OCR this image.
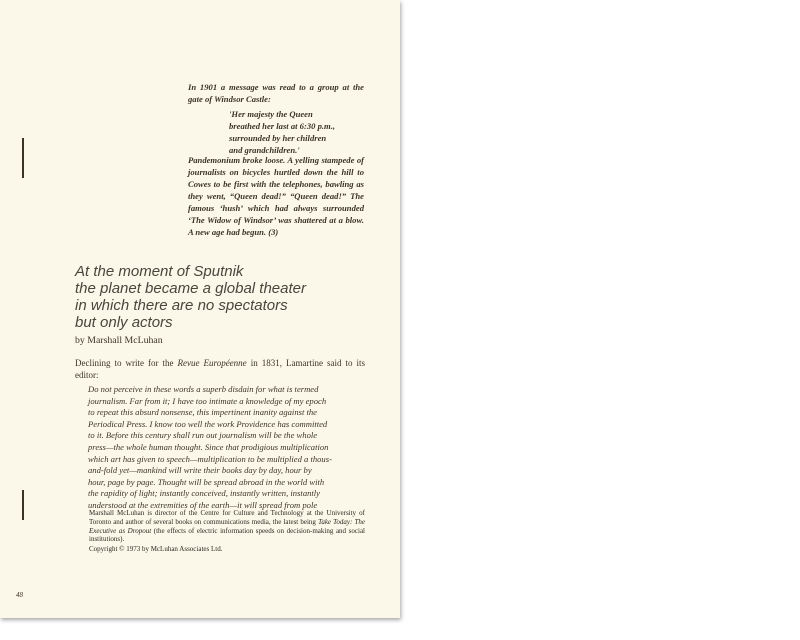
In 1901 a message was read to a group at the gate of Windsor Castle:
'Her majesty the Queen
breathed her last at 6:30 p.m.,
surrounded by her children
and grandchildren.'
Pandemonium broke loose. A yelling stampede of journalists on bicycles hurtled down the hill to Cowes to be first with the telephones, bawling as they went, “Queen dead!” “Queen dead!” The famous ‘hush’ which had always surrounded ‘The Widow of Windsor’ was shattered at a blow. A new age had begun. (3)
At the moment of Sputnik
the planet became a global theater
in which there are no spectators
but only actors
by Marshall McLuhan
Declining to write for the Revue Européenne in 1831, Lamartine said to its editor:
Do not perceive in these words a superb disdain for what is termed
journalism. Far from it; I have too intimate a knowledge of my epoch
to repeat this absurd nonsense, this impertinent inanity against the
Periodical Press. I know too well the work Providence has committed
to it. Before this century shall run out journalism will be the whole
press—the whole human thought. Since that prodigious multiplication
which art has given to speech—multiplication to be multiplied a thous-
and-fold yet—mankind will write their books day by day, hour by
hour, page by page. Thought will be spread abroad in the world with
the rapidity of light; instantly conceived, instantly written, instantly
understood at the extremities of the earth—it will spread from pole
Marshall McLuhan is director of the Centre for Culture and Technology at the University of Toronto and author of several books on communications media, the latest being Take Today: The Executive as Dropout (the effects of electric information speeds on decision-making and social institutions).
Copyright © 1973 by McLuhan Associates Ltd.
48
